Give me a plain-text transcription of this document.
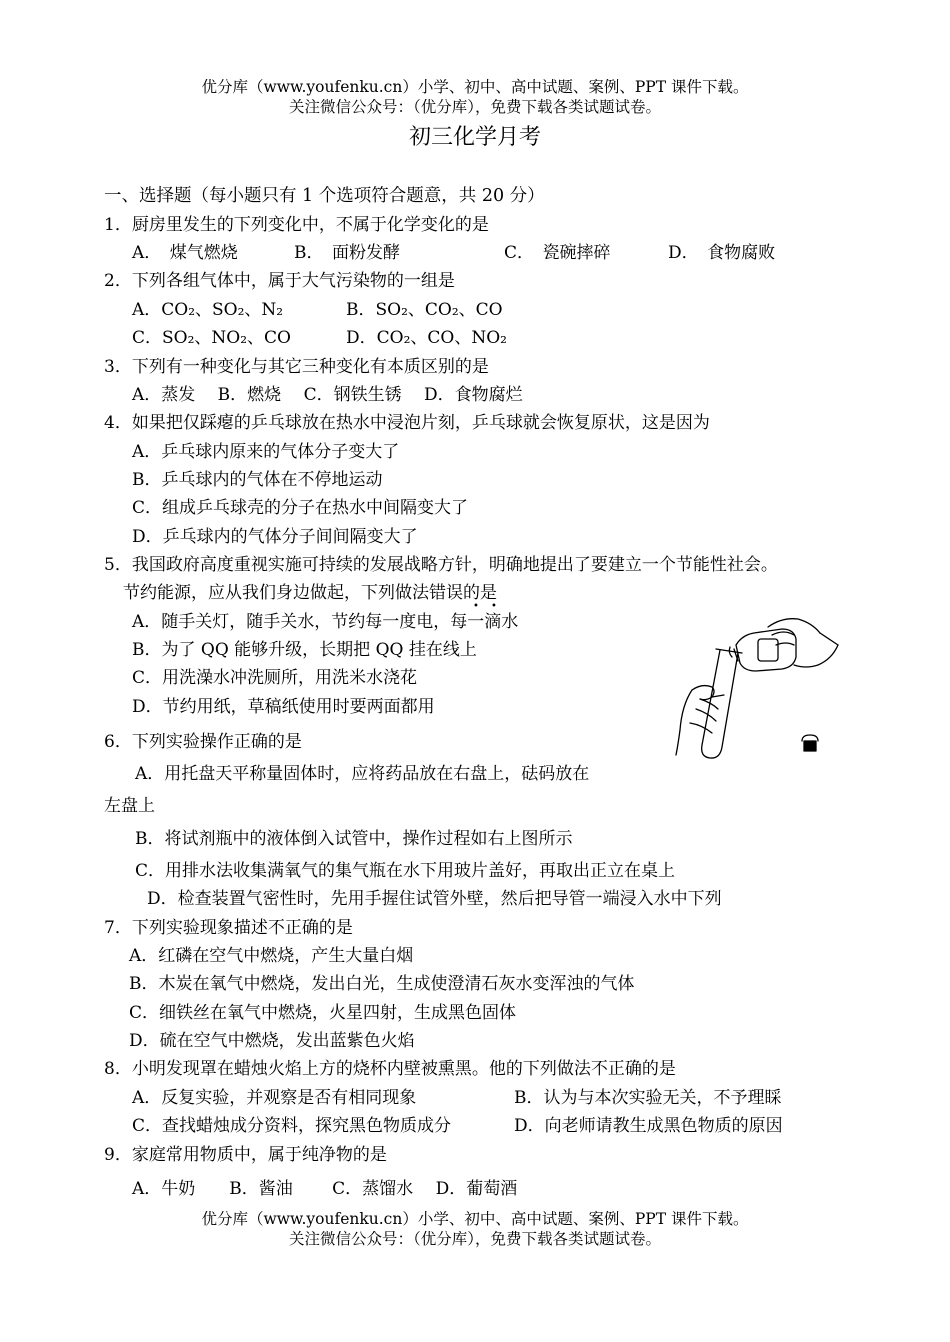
优分库（www.youfenku.cn）小学、初中、高中试题、案例、PPT 课件下载。
关注微信公众号：（优分库），免费下载各类试题试卷。
初三化学月考
一、选择题（每小题只有 1 个选项符合题意，共 20 分）
1．厨房里发生的下列变化中，不属于化学变化的是
A．　煤气燃烧	B．　面粉发酵	C．　瓷碗摔碎	D．　食物腐败
2．下列各组气体中，属于大气污染物的一组是
A．CO₂、SO₂、N₂	B．SO₂、CO₂、CO
C．SO₂、NO₂、CO	D．CO₂、CO、NO₂
3．下列有一种变化与其它三种变化有本质区别的是
A．蒸发　 B．燃烧　 C．钢铁生锈　 D．食物腐烂
4．如果把仅踩瘪的乒乓球放在热水中浸泡片刻，乒乓球就会恢复原状，这是因为
A．乒乓球内原来的气体分子变大了
B．乒乓球内的气体在不停地运动
C．组成乒乓球壳的分子在热水中间隔变大了
D．乒乓球内的气体分子间间隔变大了
5．我国政府高度重视实施可持续的发展战略方针，明确地提出了要建立一个节能性社会。
节约能源，应从我们身边做起，下列做法错误的是
• •
A．随手关灯，随手关水，节约每一度电，每一滴水
B．为了 QQ 能够升级，长期把 QQ 挂在线上
C．用洗澡水冲洗厕所，用洗米水浇花
D．节约用纸，草稿纸使用时要两面都用
6．下列实验操作正确的是
A．用托盘天平称量固体时，应将药品放在右盘上，砝码放在
左盘上
B．将试剂瓶中的液体倒入试管中，操作过程如右上图所示
C．用排水法收集满氧气的集气瓶在水下用玻片盖好，再取出正立在桌上
D．检查装置气密性时，先用手握住试管外壁，然后把导管一端浸入水中下列
7．下列实验现象描述不正确的是
A．红磷在空气中燃烧，产生大量白烟
B．木炭在氧气中燃烧，发出白光，生成使澄清石灰水变浑浊的气体
C．细铁丝在氧气中燃烧，火星四射，生成黑色固体
D．硫在空气中燃烧，发出蓝紫色火焰
8．小明发现罩在蜡烛火焰上方的烧杯内壁被熏黑。他的下列做法不正确的是
A．反复实验，并观察是否有相同现象	B．认为与本次实验无关，不予理睬
C．查找蜡烛成分资料，探究黑色物质成分	D．向老师请教生成黑色物质的原因
9．家庭常用物质中，属于纯净物的是
A．牛奶　　B．酱油　　 C．蒸馏水　 D．葡萄酒
优分库（www.youfenku.cn）小学、初中、高中试题、案例、PPT 课件下载。
关注微信公众号：（优分库），免费下载各类试题试卷。
